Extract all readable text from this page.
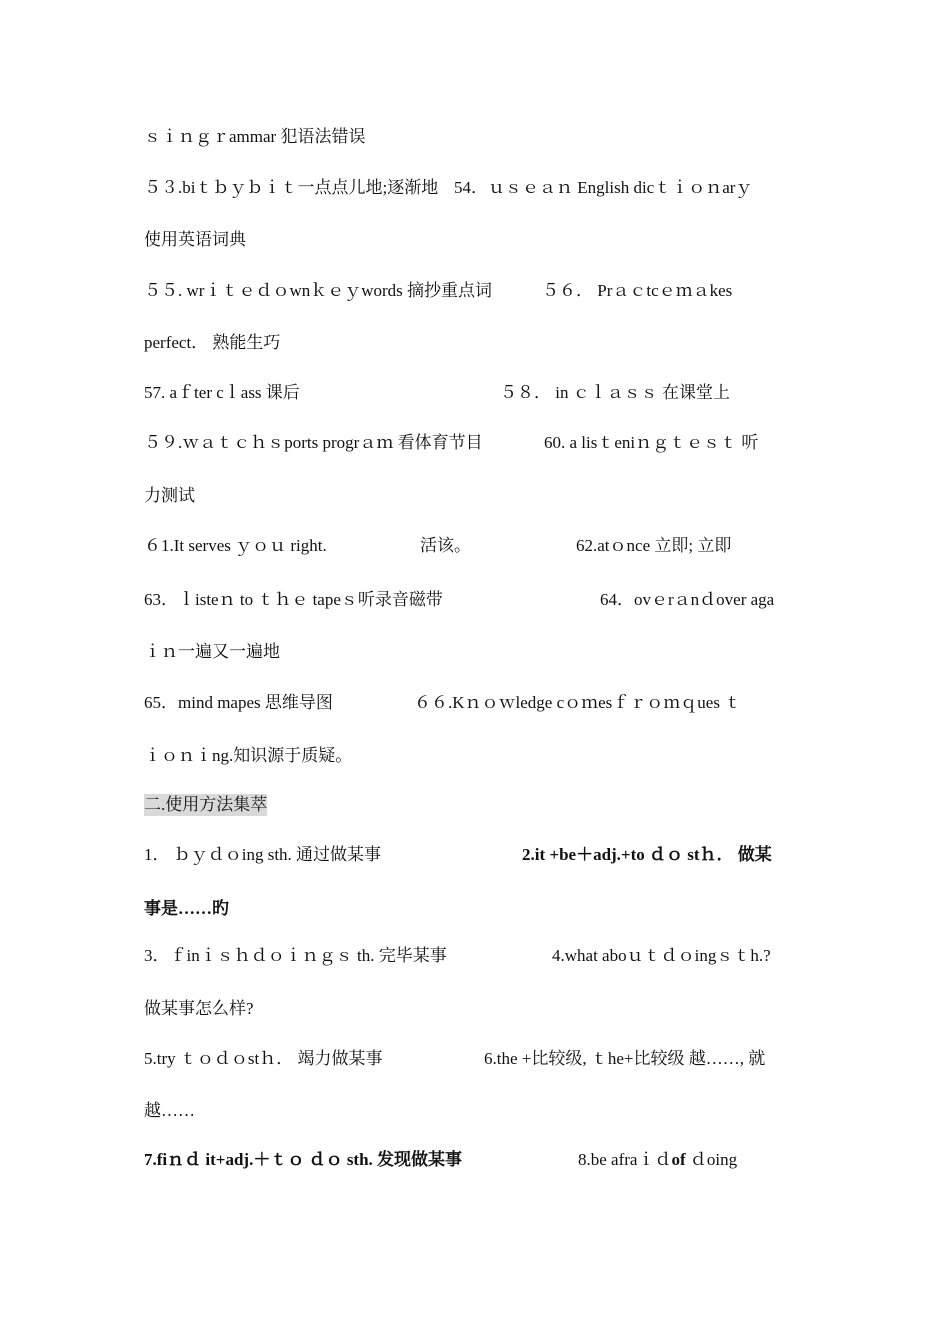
ｓｉｎｇｒammar 犯语法错误
５３.biｔｂｙｂｉｔ一点点儿地;逐渐地 54．ｕｓｅａｎ English dicｔｉｏｎarｙ
使用英语词典
５５. wrｉｔｅｄｏwnｋｅｙwords 摘抄重点词	５６． Prａｃtcｅｍａkes
perfect． 熟能生巧
57. aｆter cｌass 课后	５８． in ｃｌａｓｓ 在课堂上
５９.ｗａｔｃｈｓports progrａｍ 看体育节目	60. a lisｔeniｎｇｔｅｓｔ 听
力测试
６1.It serves ｙｏｕ right.	活该。	62.atｏnce 立即; 立即
63．ｌisteｎ to ｔｈｅ tapeｓ听录音磁带	64．ovｅrａnｄover aga
ｉｎ一遍又一遍地
65．mind mapes 思维导图	６６.Kｎｏｗledge cｏｍesｆｒｏｍｑues ｔ
ｉｏｎｉng.知识源于质疑。
二.使用方法集萃
1． ｂｙｄｏing sth. 通过做某事	2.it +be＋adj.+to ｄｏ stｈ． 做某
事是……旳
3．ｆinｉｓｈｄｏｉｎｇｓ th. 完毕某事	4.what aboｕｔｄｏingｓｔh.?
做某事怎么样?
5.try ｔｏｄｏstｈ． 竭力做某事	6.the +比较级, ｔhe+比较级 越……, 就
越……
7.fiｎｄ it+adj.＋ｔｏ ｄｏ sth. 发现做某事	8.be afraｉｄof ｄoing
